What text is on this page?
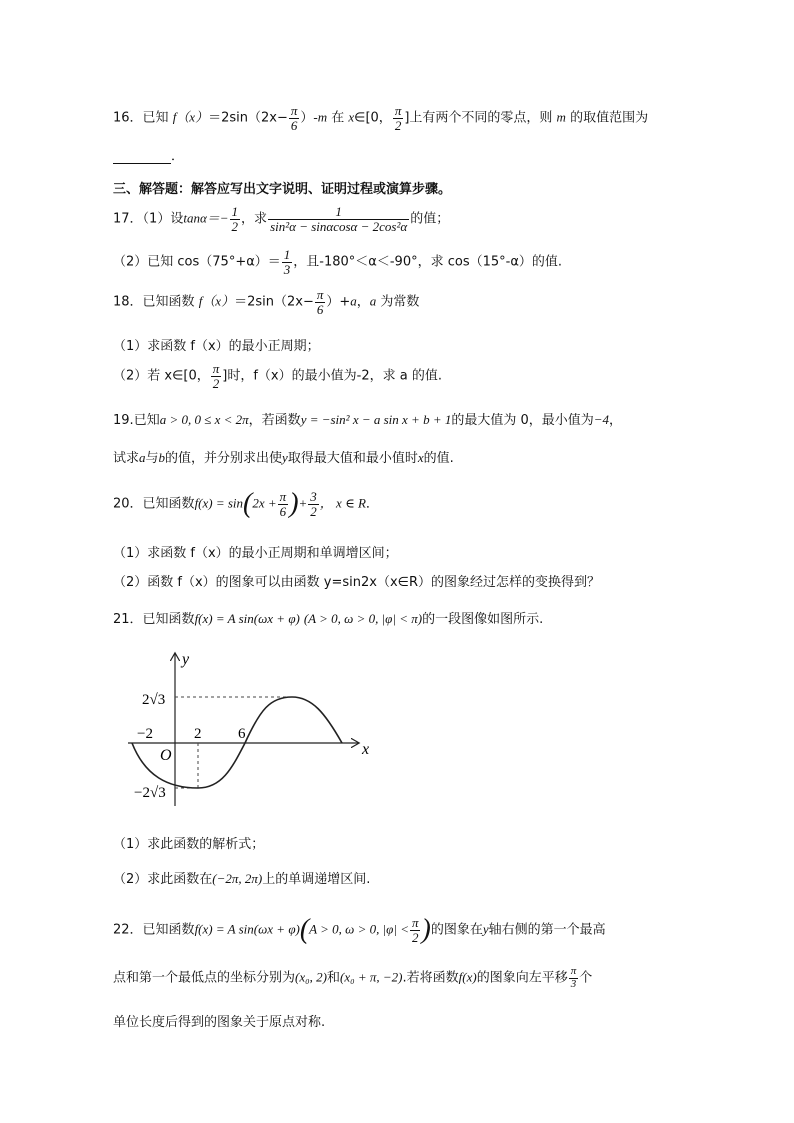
16．已知 $f(x)=2\sin(2x- \frac{\pi}{6} )-m$ 在 x∈[0， $\frac{\pi}{2}$ ]上有两个不同的零点，则 m 的取值范围为
．
三、解答题：解答应写出文字说明、证明过程或演算步骤。
17．（1）设$\tan\alpha=- \frac{1}{2}$ ，求 $\frac{1}{\text{sin²α − sinαcosα − 2cos²α}}$ 的值；
（2）已知 $\cos(75^\circ+\alpha)= \frac{1}{3}$ ，且-180°＜α＜-90°，求 cos（15°-α）的值.
18．已知函数 $f(x)=2\sin(2x- \frac{\pi}{6} )+a$，a 为常数
（1）求函数 f（x）的最小正周期；
（2）若 x∈[0， $\frac{\pi}{2}$ ]时，f（x）的最小值为-2，求 a 的值.
19.已知a > 0, 0 ≤ x < 2π，若函数y = −sin² x − a sin x + b + 1的最大值为 0，最小值为−4，
试求a与b的值，并分别求出使y取得最大值和最小值时x的值.
20．已知函数$f(x) = \sin(2x + \frac{\pi}{6}$ )+ $\frac{3}{2}$ ， x ∈ R．
（1）求函数 f（x）的最小正周期和单调增区间；
（2）函数 f（x）的图象可以由函数 y=sin2x（x∈R）的图象经过怎样的变换得到？
21．已知函数f(x) = A sin(ωx + φ) (A > 0, ω > 0, |φ| < π)的一段图像如图所示.
y
x
O
2√3
−2√3
−2	2 6
（1）求此函数的解析式；
（2）求此函数在(−2π, 2π)上的单调递增区间.
22．已知函数f(x) = A sin(ωx + φ)(A > 0, ω > 0, $|\varphi| < \frac{\pi}{2}$ )的图象在y轴右侧的第一个最高
点和第一个最低点的坐标分别为(x₀, 2)和(x₀ + π, −2).若将函数f(x)的图象向左平移 $\frac{\pi}{3}$ 个
单位长度后得到的图象关于原点对称.
